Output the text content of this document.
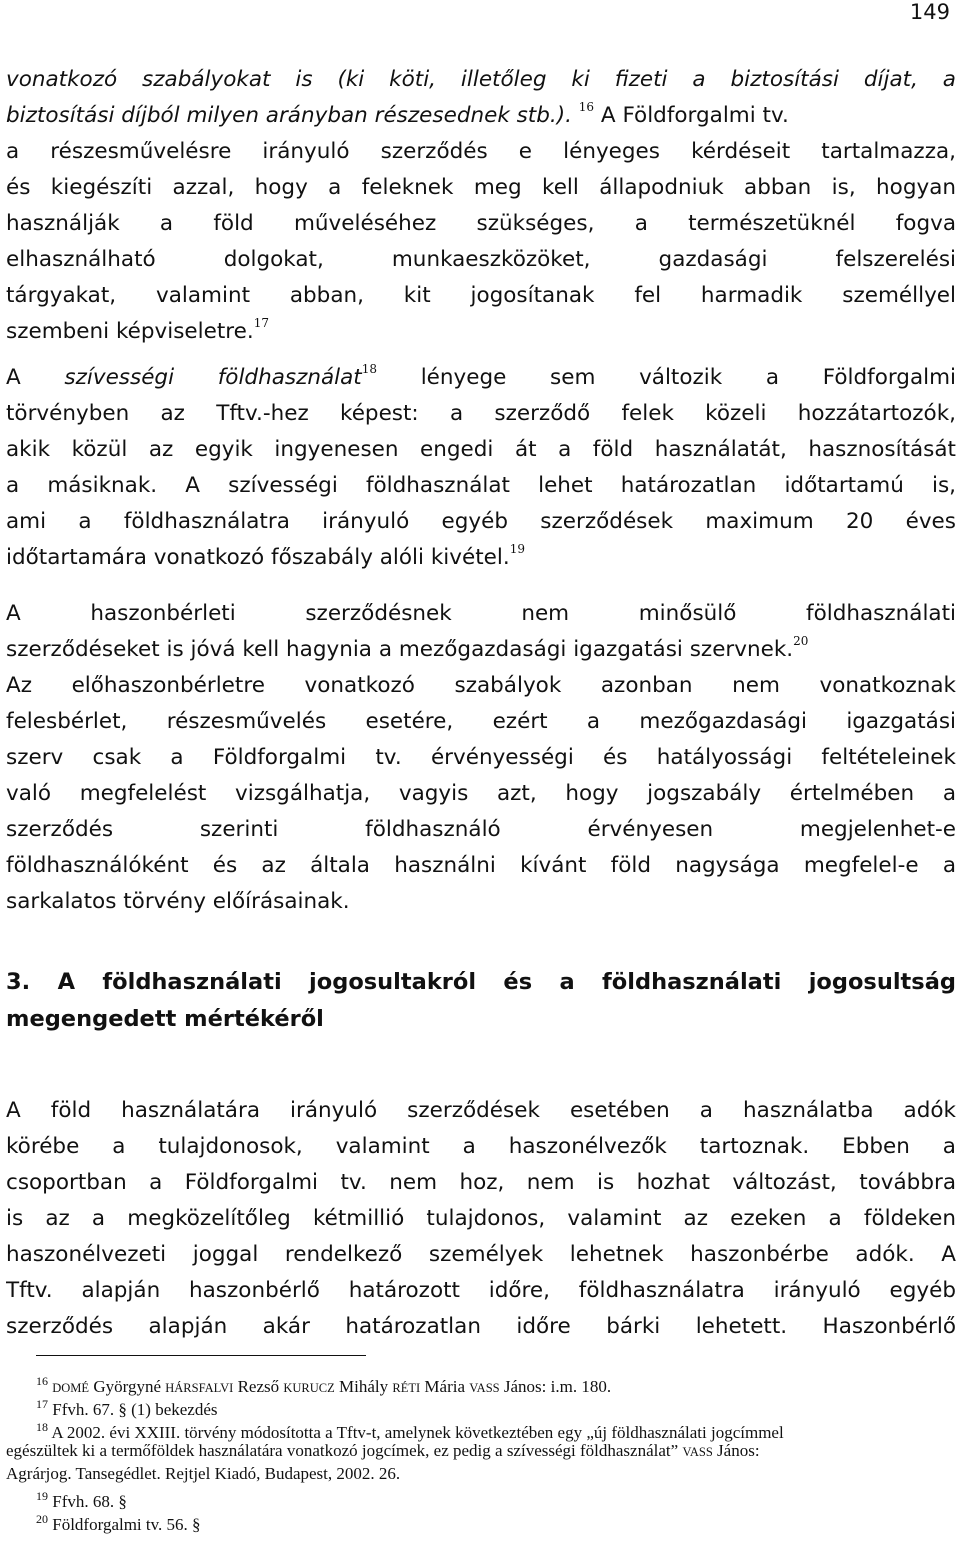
149
vonatkozó szabályokat is (ki köti, illetőleg ki fizeti a biztosítási díjat, a
biztosítási díjból milyen arányban részesednek stb.). $^{16}$ A Földforgalmi tv.
a részesművelésre irányuló szerződés e lényeges kérdéseit tartalmazza,
és kiegészíti azzal, hogy a feleknek meg kell állapodniuk abban is, hogyan
használják a föld műveléséhez szükséges, a természetüknél fogva
elhasználható dolgokat, munkaeszközöket, gazdasági felszerelési
tárgyakat, valamint abban, kit jogosítanak fel harmadik személlyel
szembeni képviseletre.$^{17}$
A szívességi földhasználat$^{18}$ lényege sem változik a Földforgalmi
törvényben az Tftv.-hez képest: a szerződő felek közeli hozzátartozók,
akik közül az egyik ingyenesen engedi át a föld használatát, hasznosítását
a másiknak. A szívességi földhasználat lehet határozatlan időtartamú is,
ami a földhasználatra irányuló egyéb szerződések maximum 20 éves
időtartamára vonatkozó főszabály alóli kivétel.$^{19}$
A haszonbérleti szerződésnek nem minősülő földhasználati
szerződéseket is jóvá kell hagynia a mezőgazdasági igazgatási szervnek.$^{20}$
Az előhaszonbérletre vonatkozó szabályok azonban nem vonatkoznak
felesbérlet, részesművelés esetére, ezért a mezőgazdasági igazgatási
szerv csak a Földforgalmi tv. érvényességi és hatályossági feltételeinek
való megfelelést vizsgálhatja, vagyis azt, hogy jogszabály értelmében a
szerződés szerinti földhasználó érvényesen megjelenhet-e
földhasználóként és az általa használni kívánt föld nagysága megfelel-e a
sarkalatos törvény előírásainak.
3. A földhasználati jogosultakról és a földhasználati jogosultság
megengedett mértékéről
A föld használatára irányuló szerződések esetében a használatba adók
körébe a tulajdonosok, valamint a haszonélvezők tartoznak. Ebben a
csoportban a Földforgalmi tv. nem hoz, nem is hozhat változást, továbbra
is az a megközelítőleg kétmillió tulajdonos, valamint az ezeken a földeken
haszonélvezeti joggal rendelkező személyek lehetnek haszonbérbe adók. A
Tftv. alapján haszonbérlő határozott időre, földhasználatra irányuló egyéb
szerződés alapján akár határozatlan időre bárki lehetett. Haszonbérlő
$^{16}$ DOMÉ Györgyné HÁRSFALVI Rezső KURUCZ Mihály RÉTI Mária VASS János: i.m. 180.
$^{17}$ Ffvh. 67. § (1) bekezdés
$^{18}$ A 2002. évi XXIII. törvény módosította a Tftv-t, amelynek következtében egy „új földhasználati jogcímmel
egészültek ki a termőföldek használatára vonatkozó jogcímek, ez pedig a szívességi földhasználat” VASS János:
Agrárjog. Tansegédlet. Rejtjel Kiadó, Budapest, 2002. 26.
$^{19}$ Ffvh. 68. §
$^{20}$ Földforgalmi tv. 56. §
